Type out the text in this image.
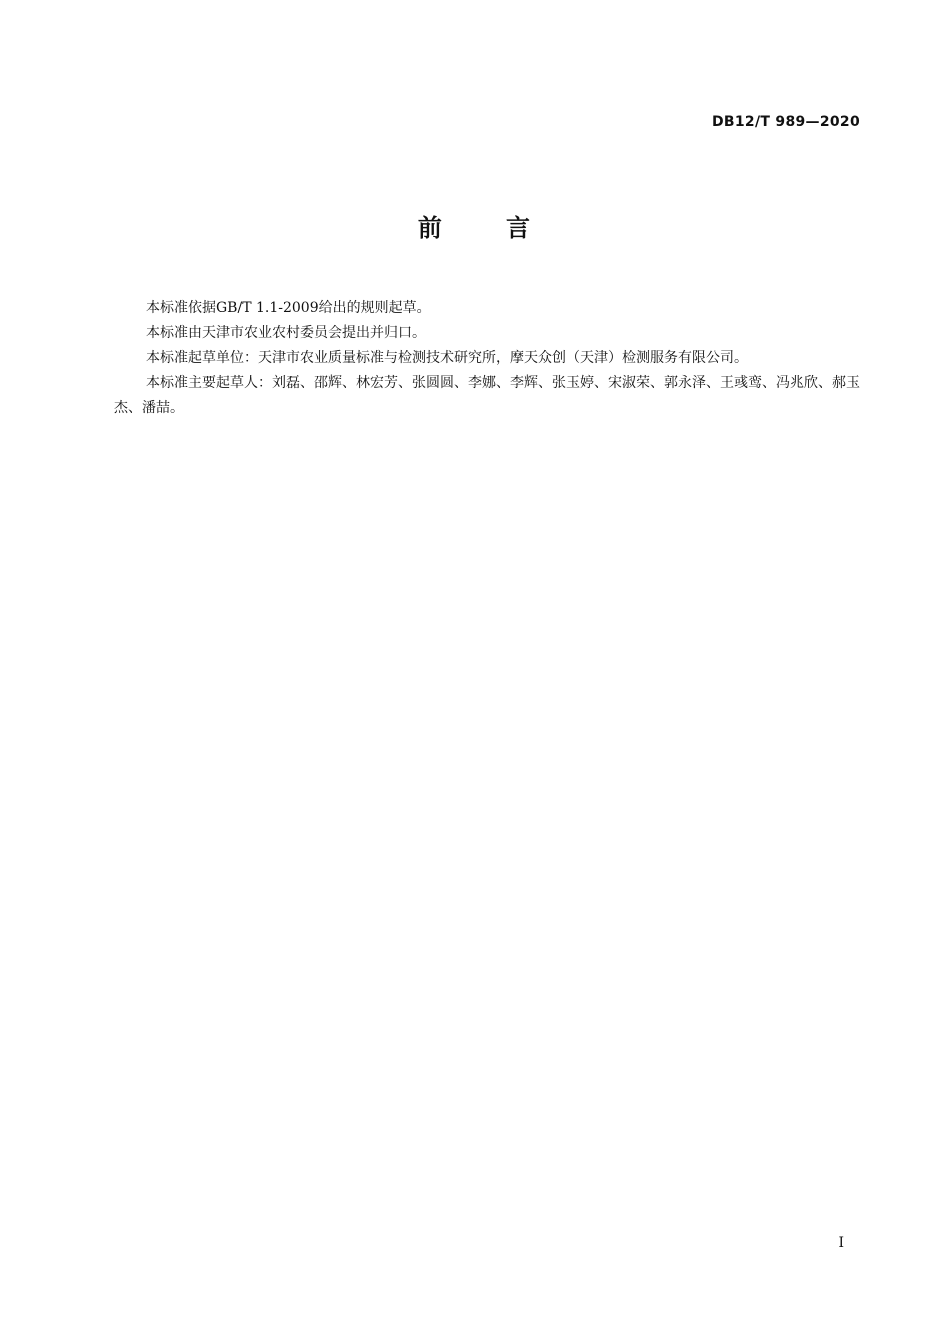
DB12/T 989—2020
前      言

本标准依据GB/T 1.1-2009给出的规则起草。

本标准由天津市农业农村委员会提出并归口。

本标准起草单位：天津市农业质量标准与检测技术研究所，摩天众创（天津）检测服务有限公司。

本标准主要起草人：刘磊、邵辉、林宏芳、张圆圆、李娜、李辉、张玉婷、宋淑荣、郭永泽、王彧鸾、冯兆欣、郝玉杰、潘喆。

I
